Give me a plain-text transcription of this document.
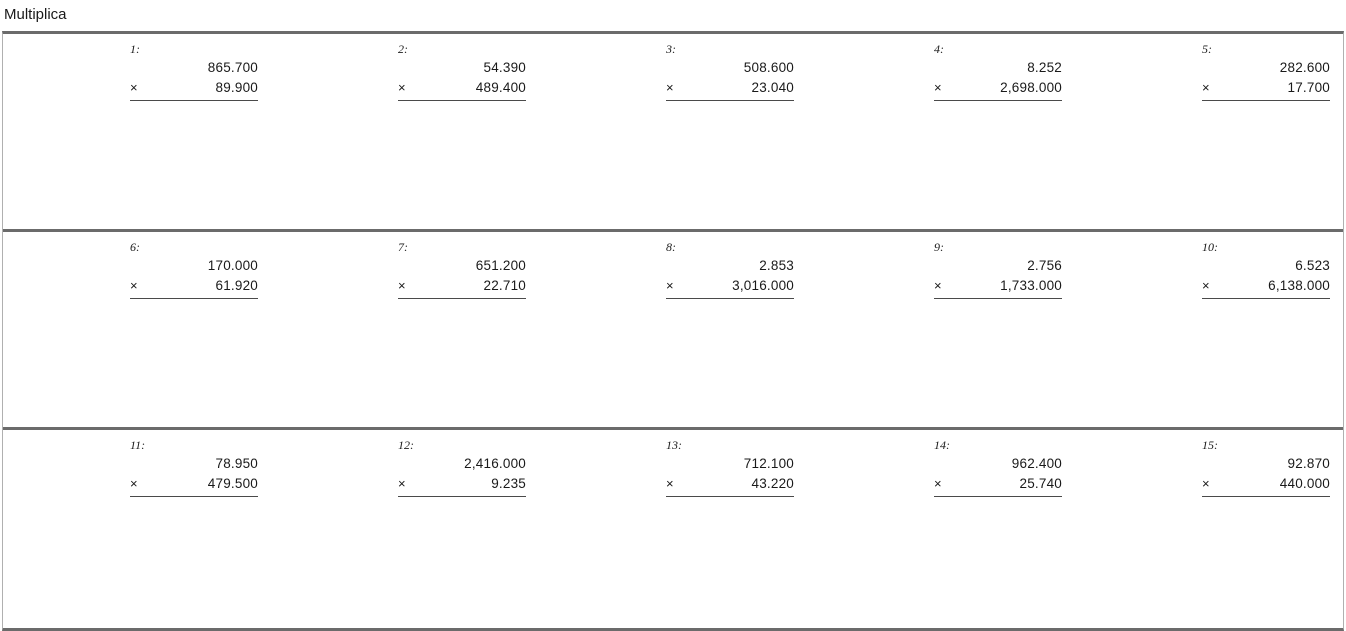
Multiplica
1:
865.700
×	89.900
2:
54.390
×	489.400
3:
508.600
×	23.040
4:
8.252
×	2,698.000
5:
282.600
×	17.700
6:
170.000
×	61.920
7:
651.200
×	22.710
8:
2.853
×	3,016.000
9:
2.756
×	1,733.000
10:
6.523
×	6,138.000
11:
78.950
×	479.500
12:
2,416.000
×	9.235
13:
712.100
×	43.220
14:
962.400
×	25.740
15:
92.870
×	440.000
